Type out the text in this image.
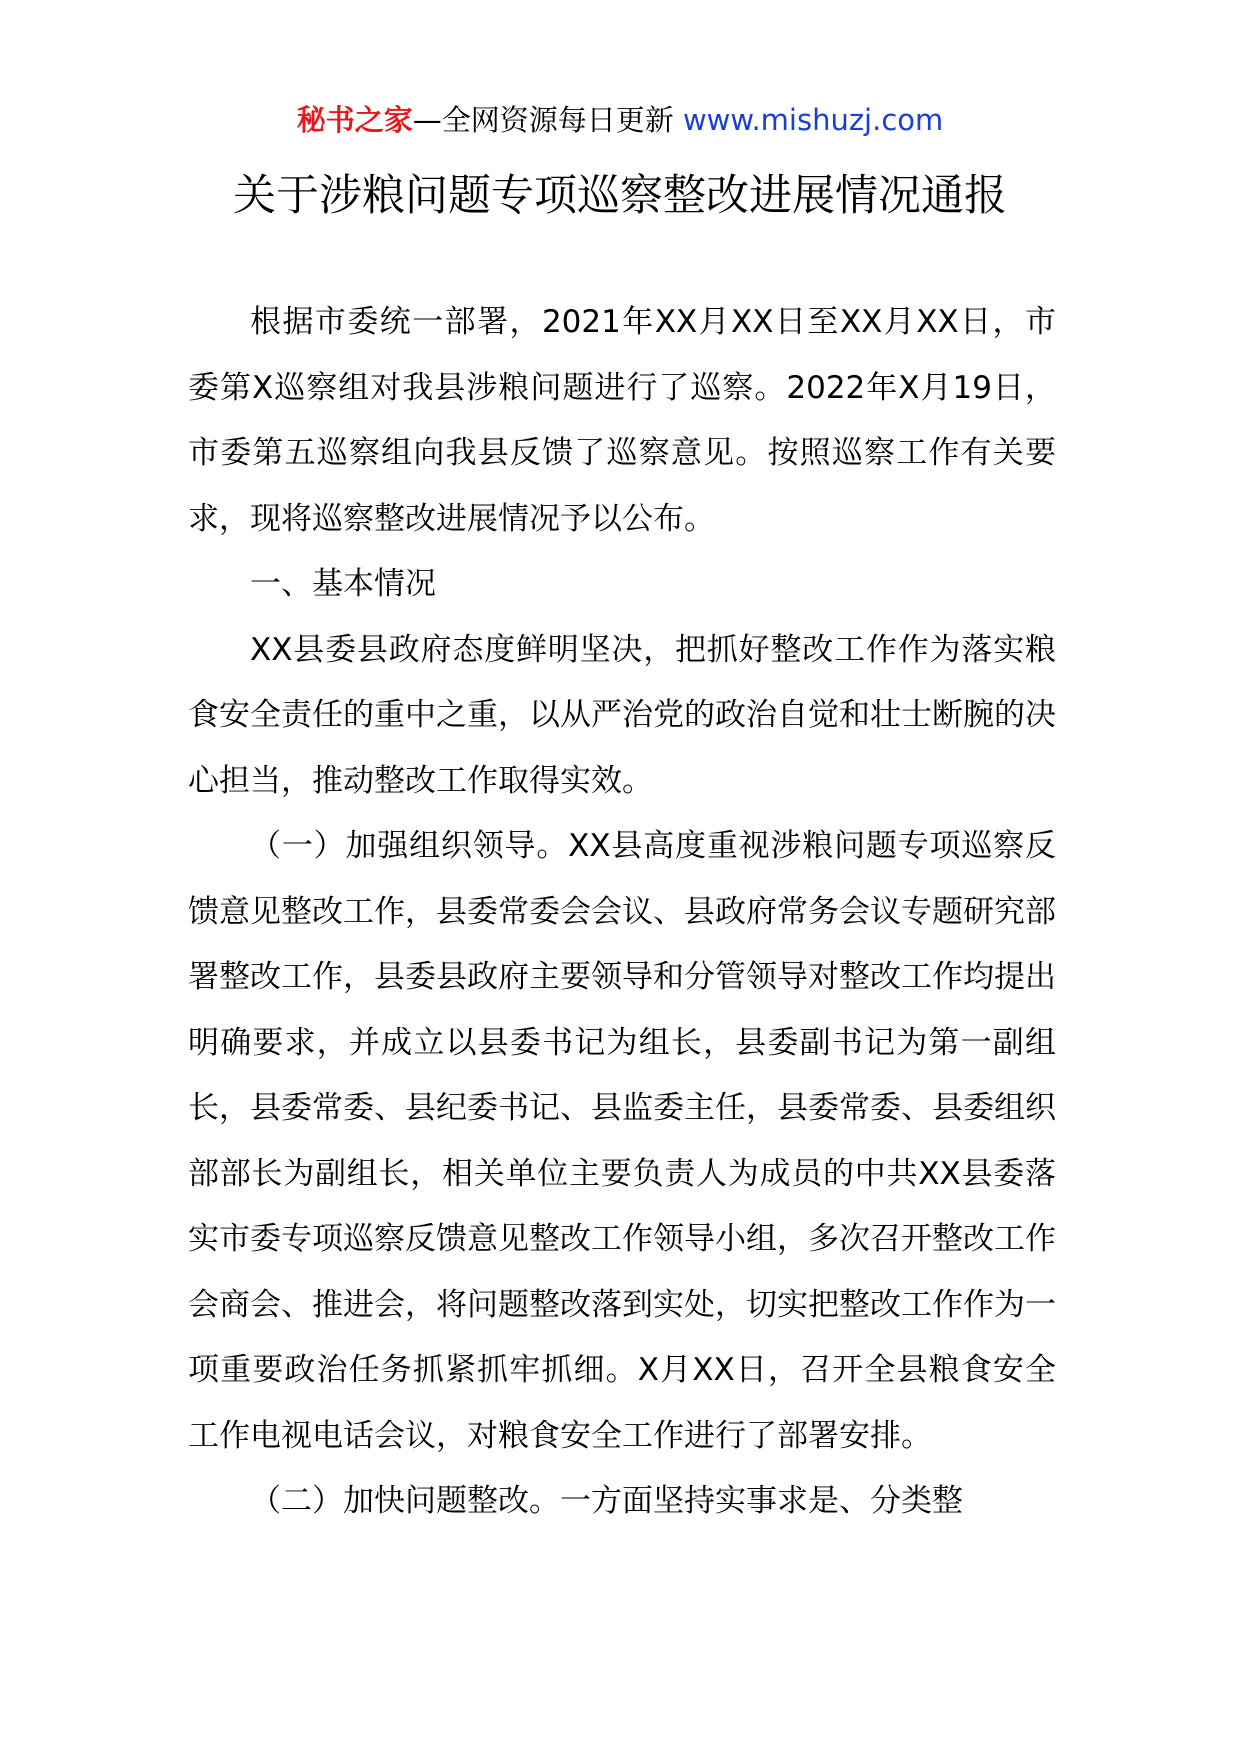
秘书之家—全网资源每日更新 www.mishuzj.com
关于涉粮问题专项巡察整改进展情况通报

根据市委统一部署，2021年XX月XX日至XX月XX日，市委第X巡察组对我县涉粮问题进行了巡察。2022年X月19日，市委第五巡察组向我县反馈了巡察意见。按照巡察工作有关要求，现将巡察整改进展情况予以公布。

一、基本情况

XX县委县政府态度鲜明坚决，把抓好整改工作作为落实粮食安全责任的重中之重，以从严治党的政治自觉和壮士断腕的决心担当，推动整改工作取得实效。

（一）加强组织领导。XX县高度重视涉粮问题专项巡察反馈意见整改工作，县委常委会会议、县政府常务会议专题研究部署整改工作，县委县政府主要领导和分管领导对整改工作均提出明确要求，并成立以县委书记为组长，县委副书记为第一副组长，县委常委、县纪委书记、县监委主任，县委常委、县委组织部部长为副组长，相关单位主要负责人为成员的中共XX县委落实市委专项巡察反馈意见整改工作领导小组，多次召开整改工作会商会、推进会，将问题整改落到实处，切实把整改工作作为一项重要政治任务抓紧抓牢抓细。X月XX日，召开全县粮食安全工作电视电话会议，对粮食安全工作进行了部署安排。

（二）加快问题整改。一方面坚持实事求是、分类整
